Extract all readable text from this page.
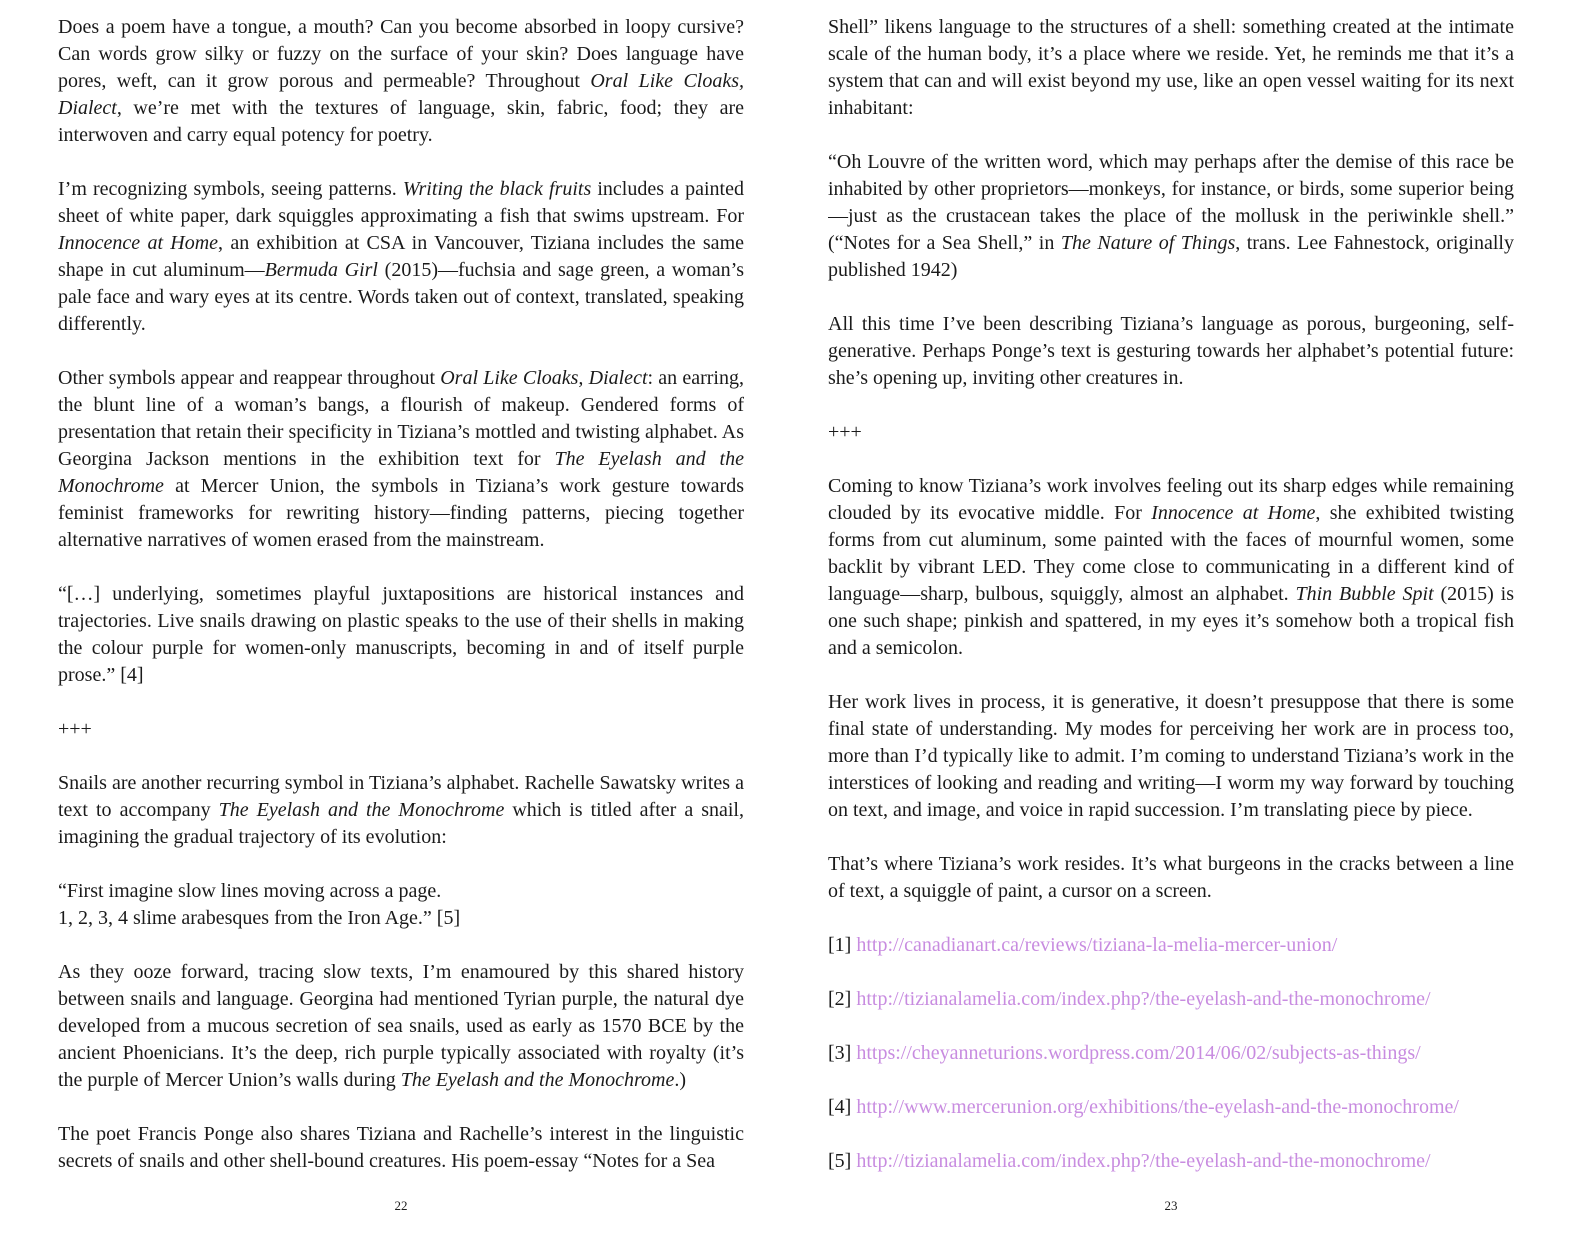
Does a poem have a tongue, a mouth? Can you become absorbed in loopy cursive? Can words grow silky or fuzzy on the surface of your skin? Does language have pores, weft, can it grow porous and permeable? Throughout Oral Like Cloaks, Dialect, we’re met with the textures of language, skin, fabric, food; they are interwoven and carry equal potency for poetry.

I’m recognizing symbols, seeing patterns. Writing the black fruits includes a painted sheet of white paper, dark squiggles approximating a fish that swims upstream. For Innocence at Home, an exhibition at CSA in Vancouver, Tiziana includes the same shape in cut aluminum—Bermuda Girl (2015)—fuchsia and sage green, a woman’s pale face and wary eyes at its centre. Words taken out of context, translated, speaking differently.

Other symbols appear and reappear throughout Oral Like Cloaks, Dialect: an earring, the blunt line of a woman’s bangs, a flourish of makeup. Gendered forms of presentation that retain their specificity in Tiziana’s mottled and twisting alphabet. As Georgina Jackson mentions in the exhibition text for The Eyelash and the Monochrome at Mercer Union, the symbols in Tiziana’s work gesture towards feminist frameworks for rewriting history—finding patterns, piecing together alternative narratives of women erased from the mainstream.

“[…] underlying, sometimes playful juxtapositions are historical instances and trajectories. Live snails drawing on plastic speaks to the use of their shells in making the colour purple for women-only manuscripts, becoming in and of itself purple prose.” [4]

+++

Snails are another recurring symbol in Tiziana’s alphabet. Rachelle Sawatsky writes a text to accompany The Eyelash and the Monochrome which is titled after a snail, imagining the gradual trajectory of its evolution:

“First imagine slow lines moving across a page.
1, 2, 3, 4 slime arabesques from the Iron Age.” [5]

As they ooze forward, tracing slow texts, I’m enamoured by this shared history between snails and language. Georgina had mentioned Tyrian purple, the natural dye developed from a mucous secretion of sea snails, used as early as 1570 BCE by the ancient Phoenicians. It’s the deep, rich purple typically associated with royalty (it’s the purple of Mercer Union’s walls during The Eyelash and the Monochrome.)

The poet Francis Ponge also shares Tiziana and Rachelle’s interest in the linguistic secrets of snails and other shell-bound creatures. His poem-essay “Notes for a Sea

Shell” likens language to the structures of a shell: something created at the intimate scale of the human body, it’s a place where we reside. Yet, he reminds me that it’s a system that can and will exist beyond my use, like an open vessel waiting for its next inhabitant:

“Oh Louvre of the written word, which may perhaps after the demise of this race be inhabited by other proprietors—monkeys, for instance, or birds, some superior being—just as the crustacean takes the place of the mollusk in the periwinkle shell.” (“Notes for a Sea Shell,” in The Nature of Things, trans. Lee Fahnestock, originally published 1942)

All this time I’ve been describing Tiziana’s language as porous, burgeoning, self-generative. Perhaps Ponge’s text is gesturing towards her alphabet’s potential future: she’s opening up, inviting other creatures in.

+++

Coming to know Tiziana’s work involves feeling out its sharp edges while remaining clouded by its evocative middle. For Innocence at Home, she exhibited twisting forms from cut aluminum, some painted with the faces of mournful women, some backlit by vibrant LED. They come close to communicating in a different kind of language—sharp, bulbous, squiggly, almost an alphabet. Thin Bubble Spit (2015) is one such shape; pinkish and spattered, in my eyes it’s somehow both a tropical fish and a semicolon.

Her work lives in process, it is generative, it doesn’t presuppose that there is some final state of understanding. My modes for perceiving her work are in process too, more than I’d typically like to admit. I’m coming to understand Tiziana’s work in the interstices of looking and reading and writing—I worm my way forward by touching on text, and image, and voice in rapid succession. I’m translating piece by piece.

That’s where Tiziana’s work resides. It’s what burgeons in the cracks between a line of text, a squiggle of paint, a cursor on a screen.

[1] http://canadianart.ca/reviews/tiziana-la-melia-mercer-union/

[2] http://tizianalamelia.com/index.php?/the-eyelash-and-the-monochrome/

[3] https://cheyanneturions.wordpress.com/2014/06/02/subjects-as-things/

[4] http://www.mercerunion.org/exhibitions/the-eyelash-and-the-monochrome/

[5] http://tizianalamelia.com/index.php?/the-eyelash-and-the-monochrome/

22	23
